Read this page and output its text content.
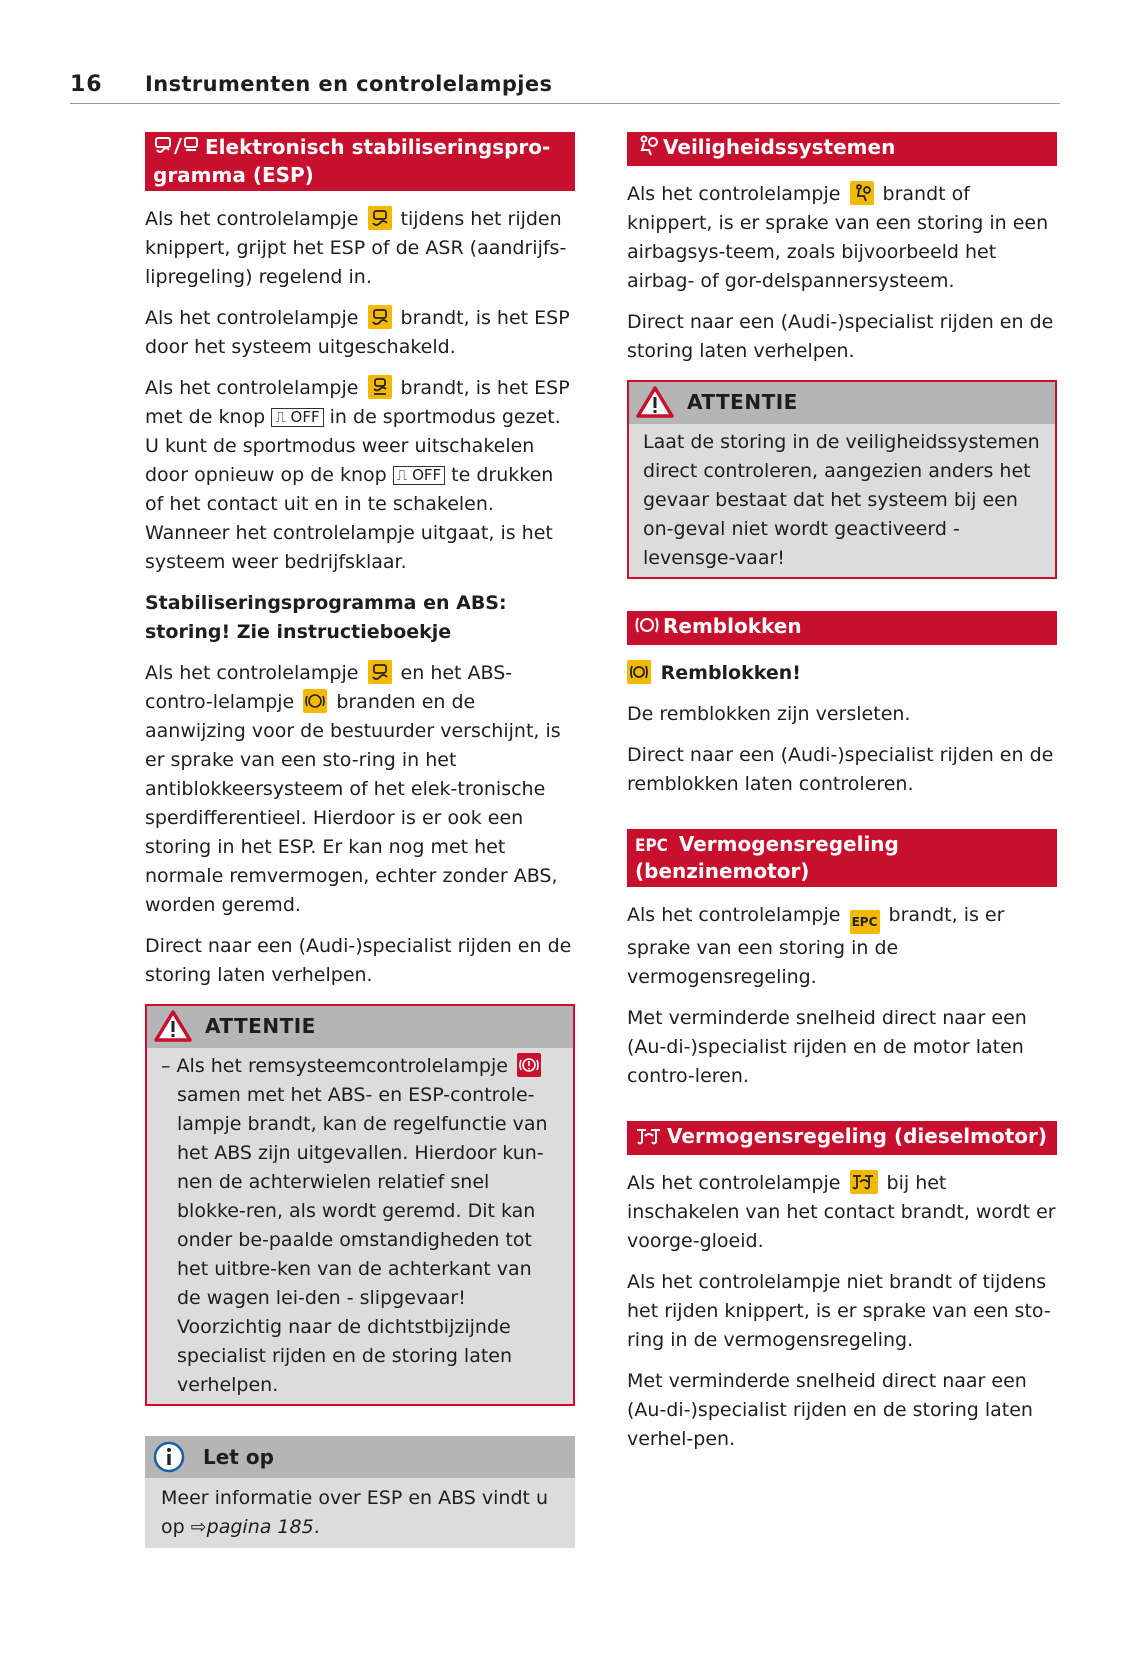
16 Instrumenten en controlelampjes
Elektronisch stabiliseringspro-gramma (ESP)

Als het controlelampje tijdens het rijden knippert, grijpt het ESP of de ASR (aandrijfs-lipregeling) regelend in.

Als het controlelampje brandt, is het ESP door het systeem uitgeschakeld.

Als het controlelampje brandt, is het ESP met de knop ⎍ OFF in de sportmodus gezet. U kunt de sportmodus weer uitschakelen door opnieuw op de knop ⎍ OFF te drukken of het contact uit en in te schakelen. Wanneer het controlelampje uitgaat, is het systeem weer bedrijfsklaar.

Stabiliseringsprogramma en ABS: storing! Zie instructieboekje

Als het controlelampje en het ABS-contro-lelampje branden en de aanwijzing voor de bestuurder verschijnt, is er sprake van een sto-ring in het antiblokkeersysteem of het elek-tronische sperdifferentieel. Hierdoor is er ook een storing in het ESP. Er kan nog met het normale remvermogen, echter zonder ABS, worden geremd.

Direct naar een (Audi-)specialist rijden en de storing laten verhelpen.

ATTENTIE

– Als het remsysteemcontrolelampje
samen met het ABS- en ESP-controle-lampje brandt, kan de regelfunctie van het ABS zijn uitgevallen. Hierdoor kun-nen de achterwielen relatief snel blokke-ren, als wordt geremd. Dit kan onder be-paalde omstandigheden tot het uitbre-ken van de achterkant van de wagen lei-den - slipgevaar! Voorzichtig naar de dichtstbijzijnde specialist rijden en de storing laten verhelpen.

Let op

Meer informatie over ESP en ABS vindt u op ⇨pagina 185.

Veiligheidssystemen

Als het controlelampje brandt of knippert, is er sprake van een storing in een airbagsys-teem, zoals bijvoorbeeld het airbag- of gor-delspannersysteem.

Direct naar een (Audi-)specialist rijden en de storing laten verhelpen.

ATTENTIE

Laat de storing in de veiligheidssystemen direct controleren, aangezien anders het gevaar bestaat dat het systeem bij een on-geval niet wordt geactiveerd - levensge-vaar!

Remblokken

Remblokken!

De remblokken zijn versleten.

Direct naar een (Audi-)specialist rijden en de remblokken laten controleren.

EPC Vermogensregeling (benzinemotor)

Als het controlelampje EPC brandt, is er sprake van een storing in de vermogensregeling.

Met verminderde snelheid direct naar een (Au-di-)specialist rijden en de motor laten contro-leren.

Vermogensregeling (dieselmotor)

Als het controlelampje bij het inschakelen van het contact brandt, wordt er voorge-gloeid.

Als het controlelampje niet brandt of tijdens het rijden knippert, is er sprake van een sto-ring in de vermogensregeling.

Met verminderde snelheid direct naar een (Au-di-)specialist rijden en de storing laten verhel-pen.
